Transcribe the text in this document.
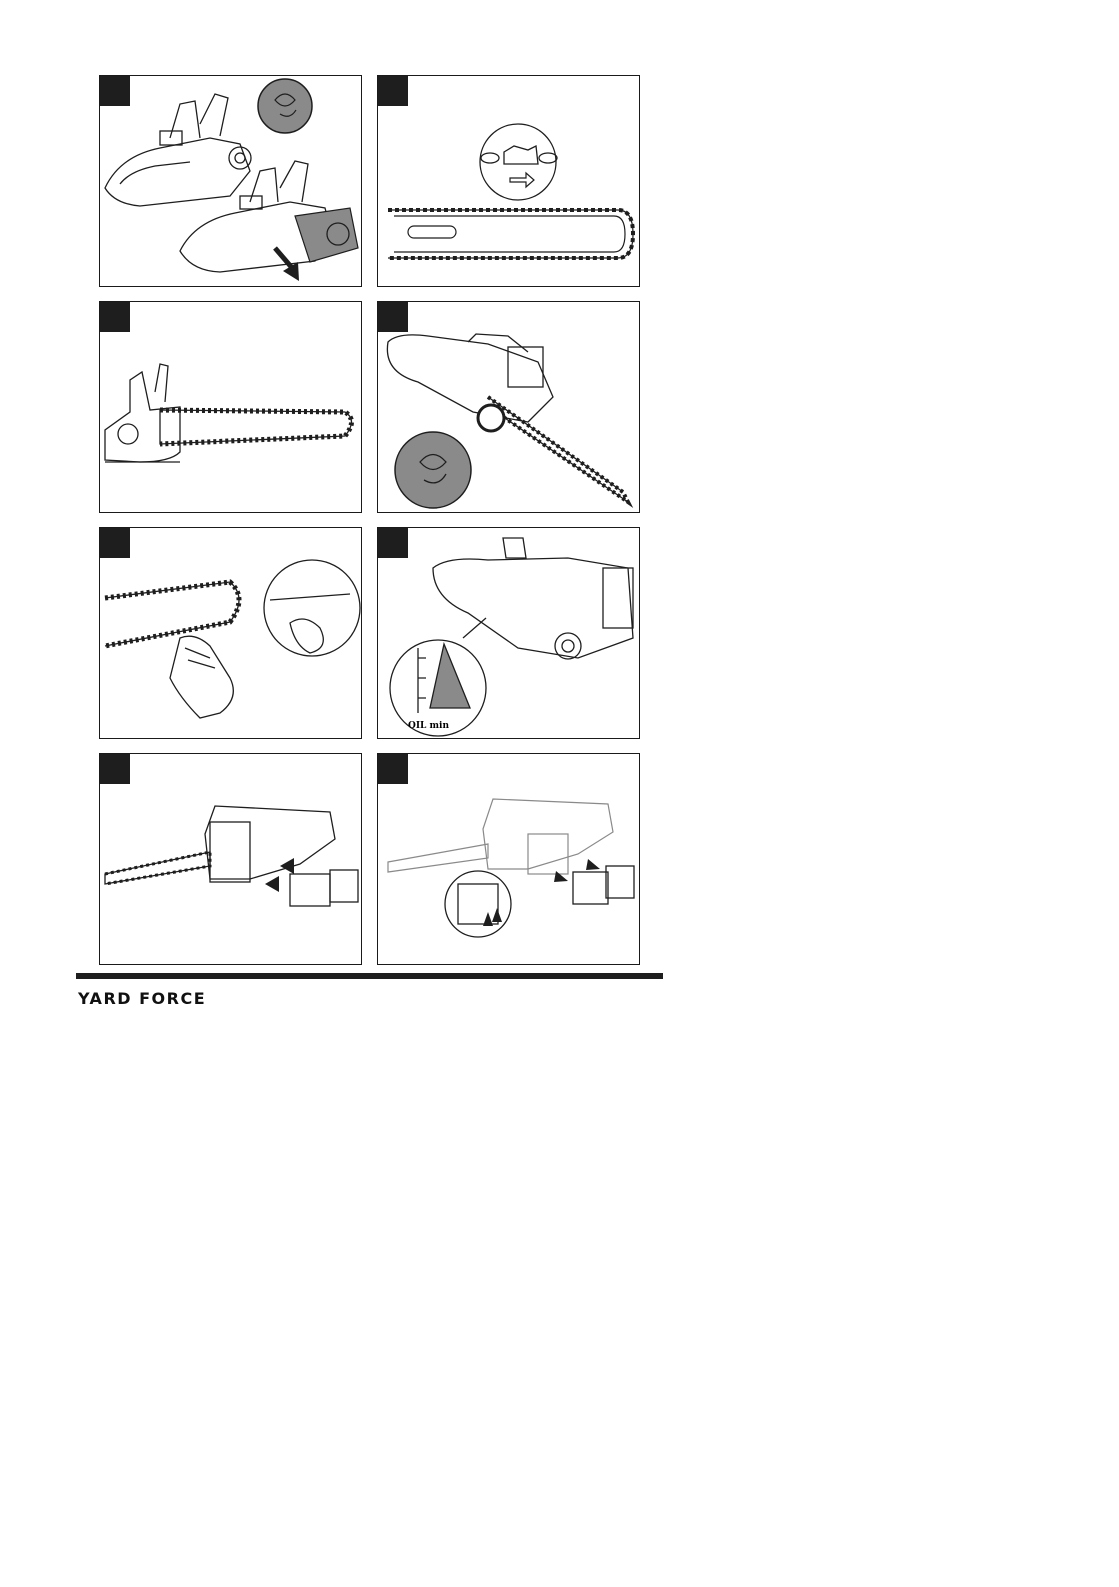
OIL min
YARD FORCE
